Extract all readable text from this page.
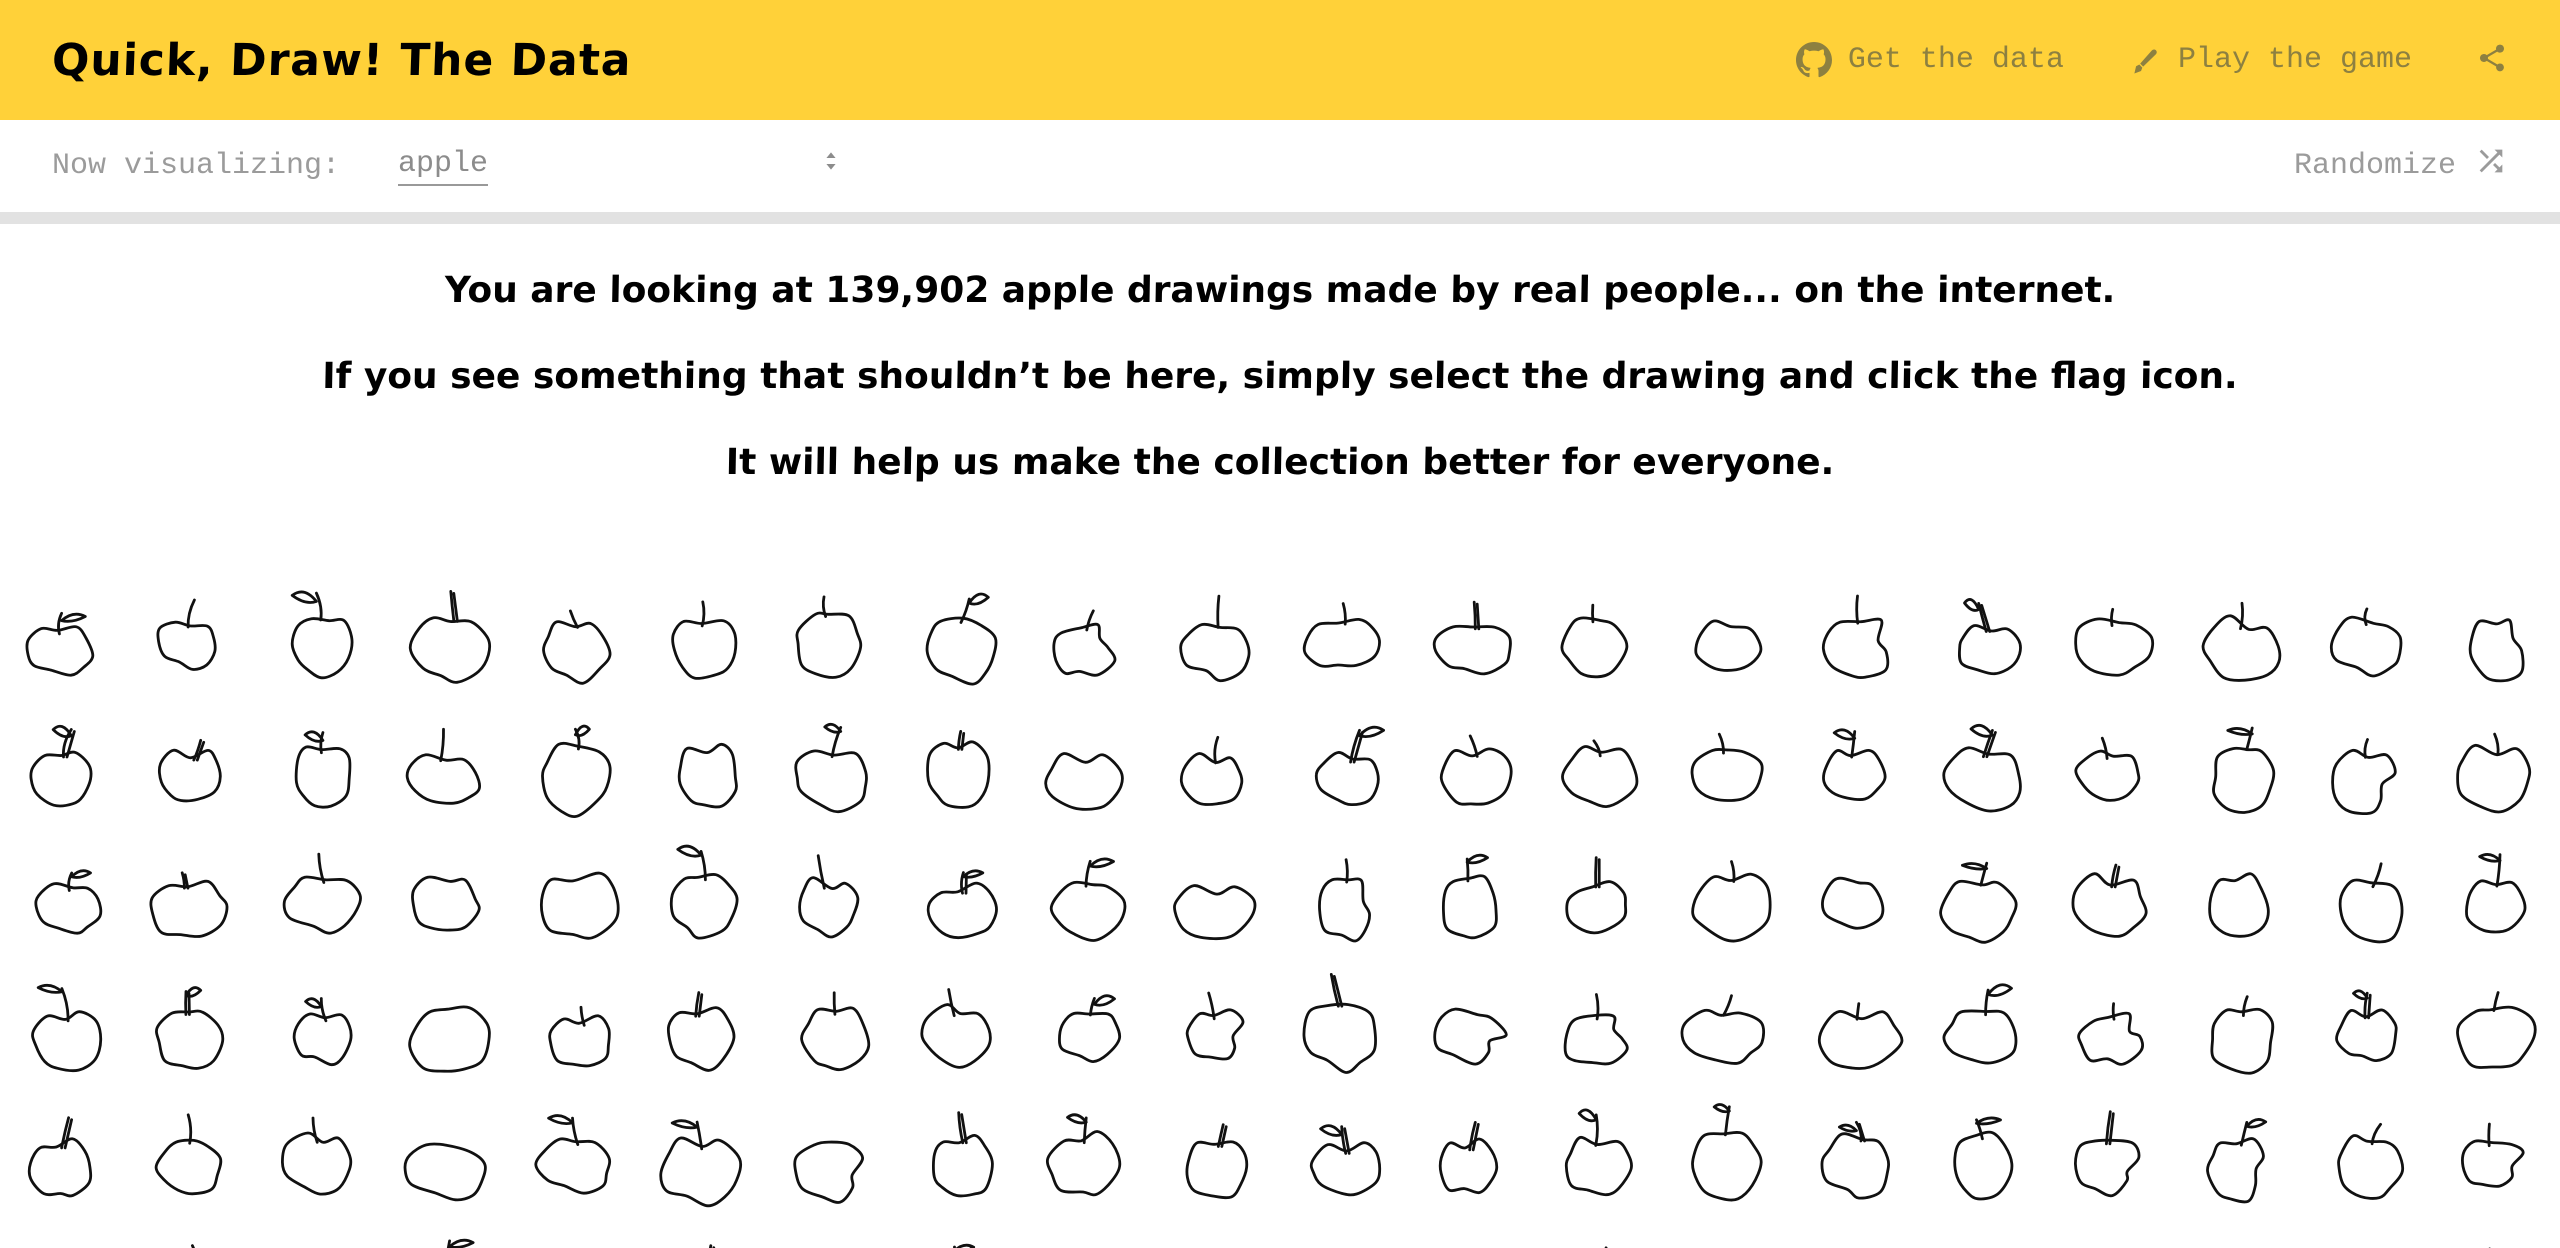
Quick, Draw! The Data	Get the data	Play the game
Now visualizing: apple	Randomize
You are looking at 139,902 apple drawings made by real people... on the internet.
If you see something that shouldn’t be here, simply select the drawing and click the flag icon.
It will help us make the collection better for everyone.
